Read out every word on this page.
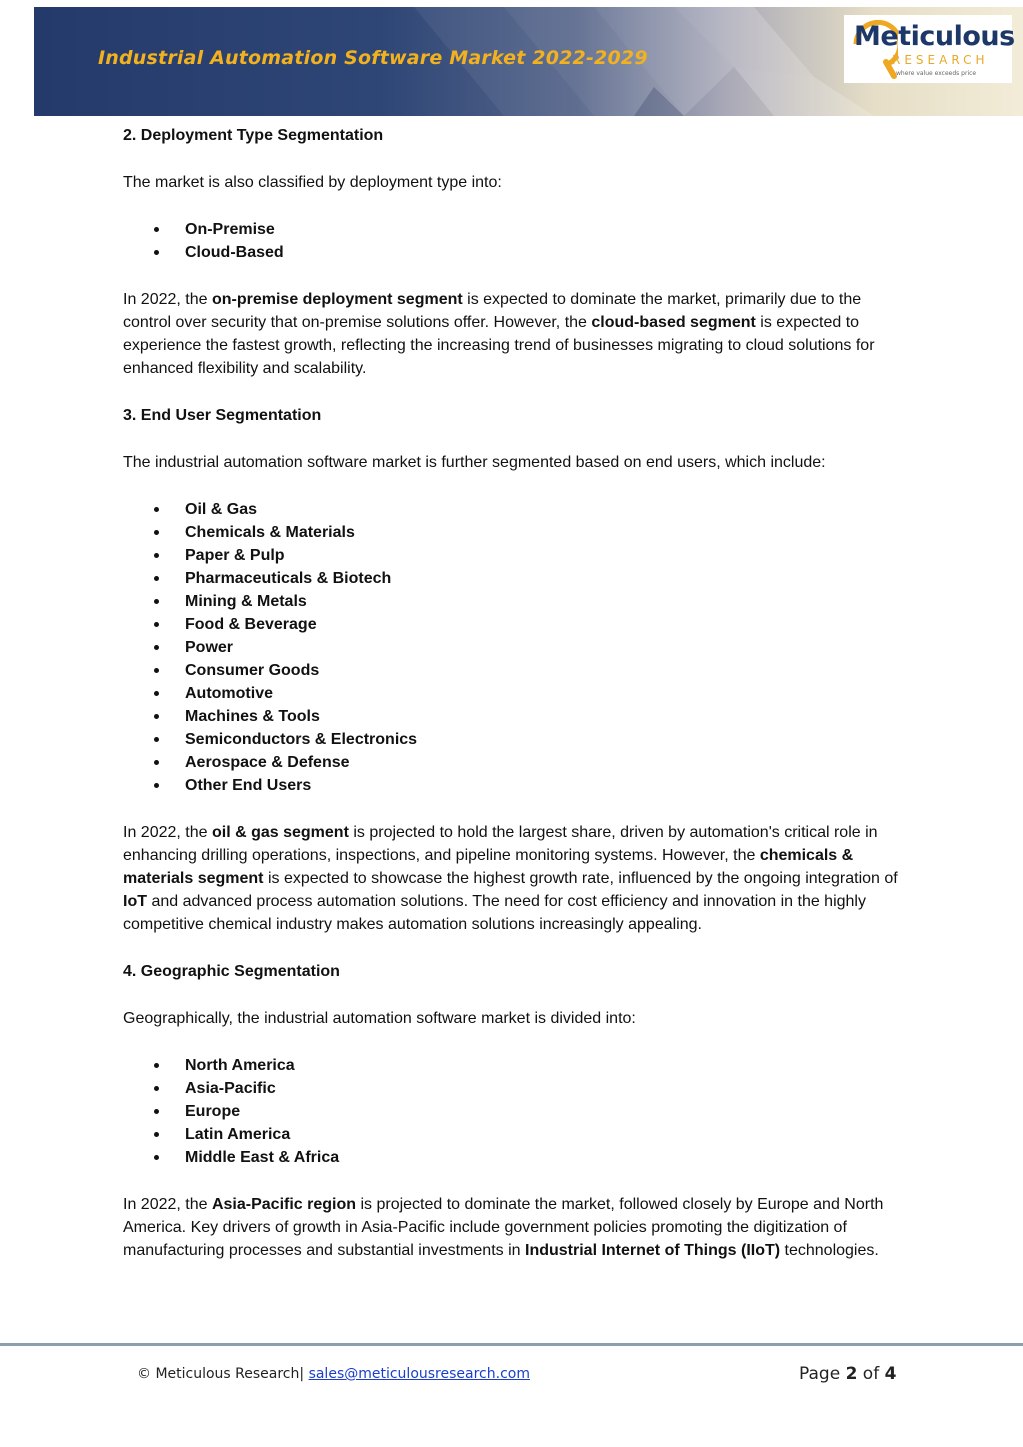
Industrial Automation Software Market 2022-2029
Meticulous
RESEARCH
where value exceeds price

2. Deployment Type Segmentation

The market is also classified by deployment type into:

On-Premise
Cloud-Based

In 2022, the on-premise deployment segment is expected to dominate the market, primarily due to the control over security that on-premise solutions offer. However, the cloud-based segment is expected to experience the fastest growth, reflecting the increasing trend of businesses migrating to cloud solutions for enhanced flexibility and scalability.

3. End User Segmentation

The industrial automation software market is further segmented based on end users, which include:

Oil & Gas
Chemicals & Materials
Paper & Pulp
Pharmaceuticals & Biotech
Mining & Metals
Food & Beverage
Power
Consumer Goods
Automotive
Machines & Tools
Semiconductors & Electronics
Aerospace & Defense
Other End Users

In 2022, the oil & gas segment is projected to hold the largest share, driven by automation's critical role in enhancing drilling operations, inspections, and pipeline monitoring systems. However, the chemicals & materials segment is expected to showcase the highest growth rate, influenced by the ongoing integration of IoT and advanced process automation solutions. The need for cost efficiency and innovation in the highly competitive chemical industry makes automation solutions increasingly appealing.

4. Geographic Segmentation

Geographically, the industrial automation software market is divided into:

North America
Asia-Pacific
Europe
Latin America
Middle East & Africa

In 2022, the Asia-Pacific region is projected to dominate the market, followed closely by Europe and North America. Key drivers of growth in Asia-Pacific include government policies promoting the digitization of manufacturing processes and substantial investments in Industrial Internet of Things (IIoT) technologies.

© Meticulous Research| sales@meticulousresearch.com	Page 2 of 4
